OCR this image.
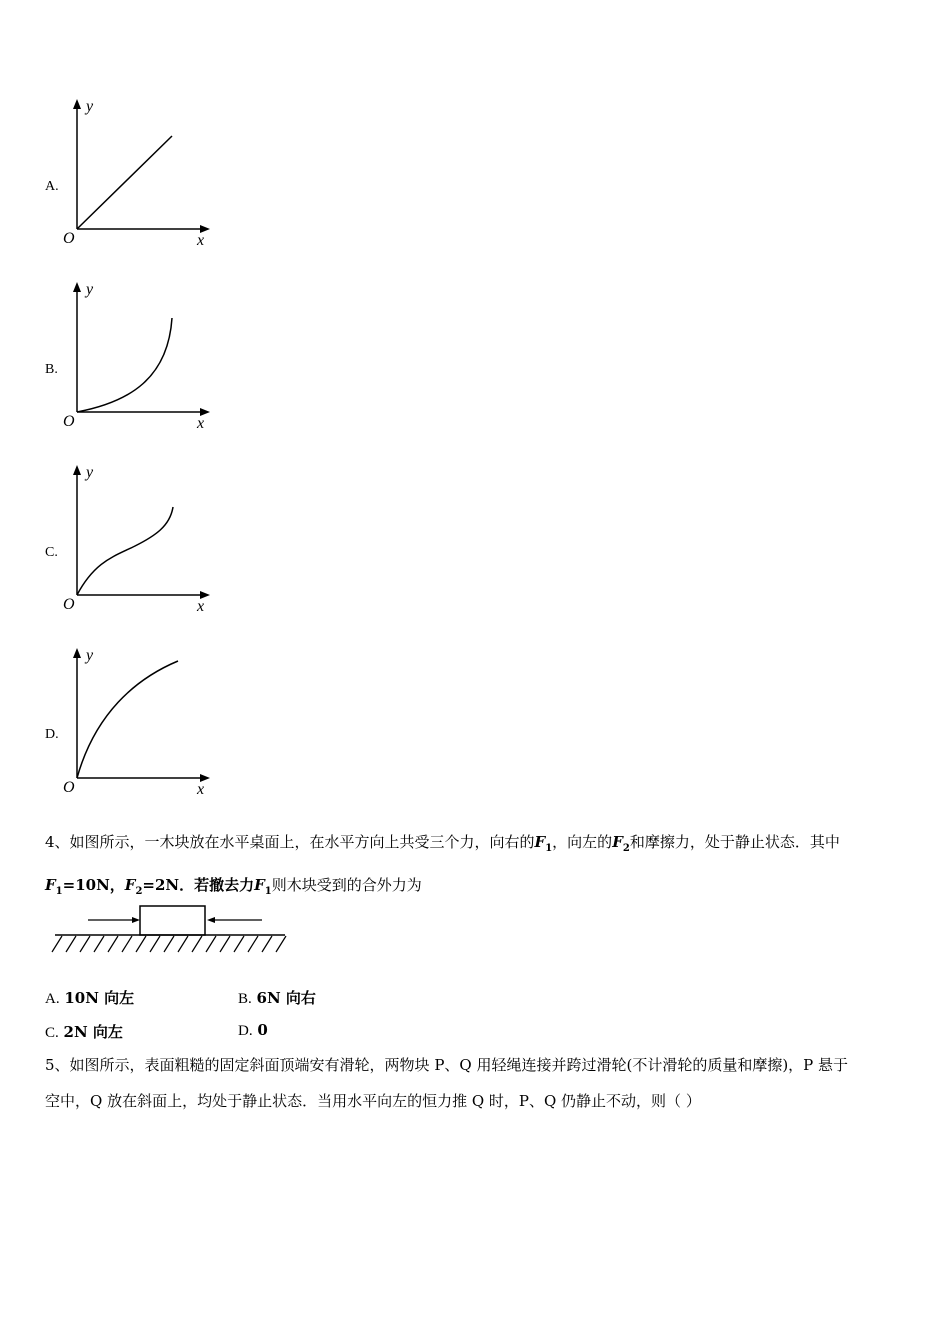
A.
y
x
O
B.
y
x
O
C.
y
x
O
D.
y
x
O
4、如图所示，一木块放在水平桌面上，在水平方向上共受三个力，向右的$F_1$，向左的$F_2$和摩擦力，处于静止状态．其中
$F_1=10N$，$F_2=2N$．若撤去力$F_1$则木块受到的合外力为
A. 10N 向左	B. 6N 向右
C. 2N 向左	D. 0
5、如图所示，表面粗糙的固定斜面顶端安有滑轮，两物块 P、Q 用轻绳连接并跨过滑轮(不计滑轮的质量和摩擦)，P 悬于
空中，Q 放在斜面上，均处于静止状态．当用水平向左的恒力推 Q 时，P、Q 仍静止不动，则（ ）
